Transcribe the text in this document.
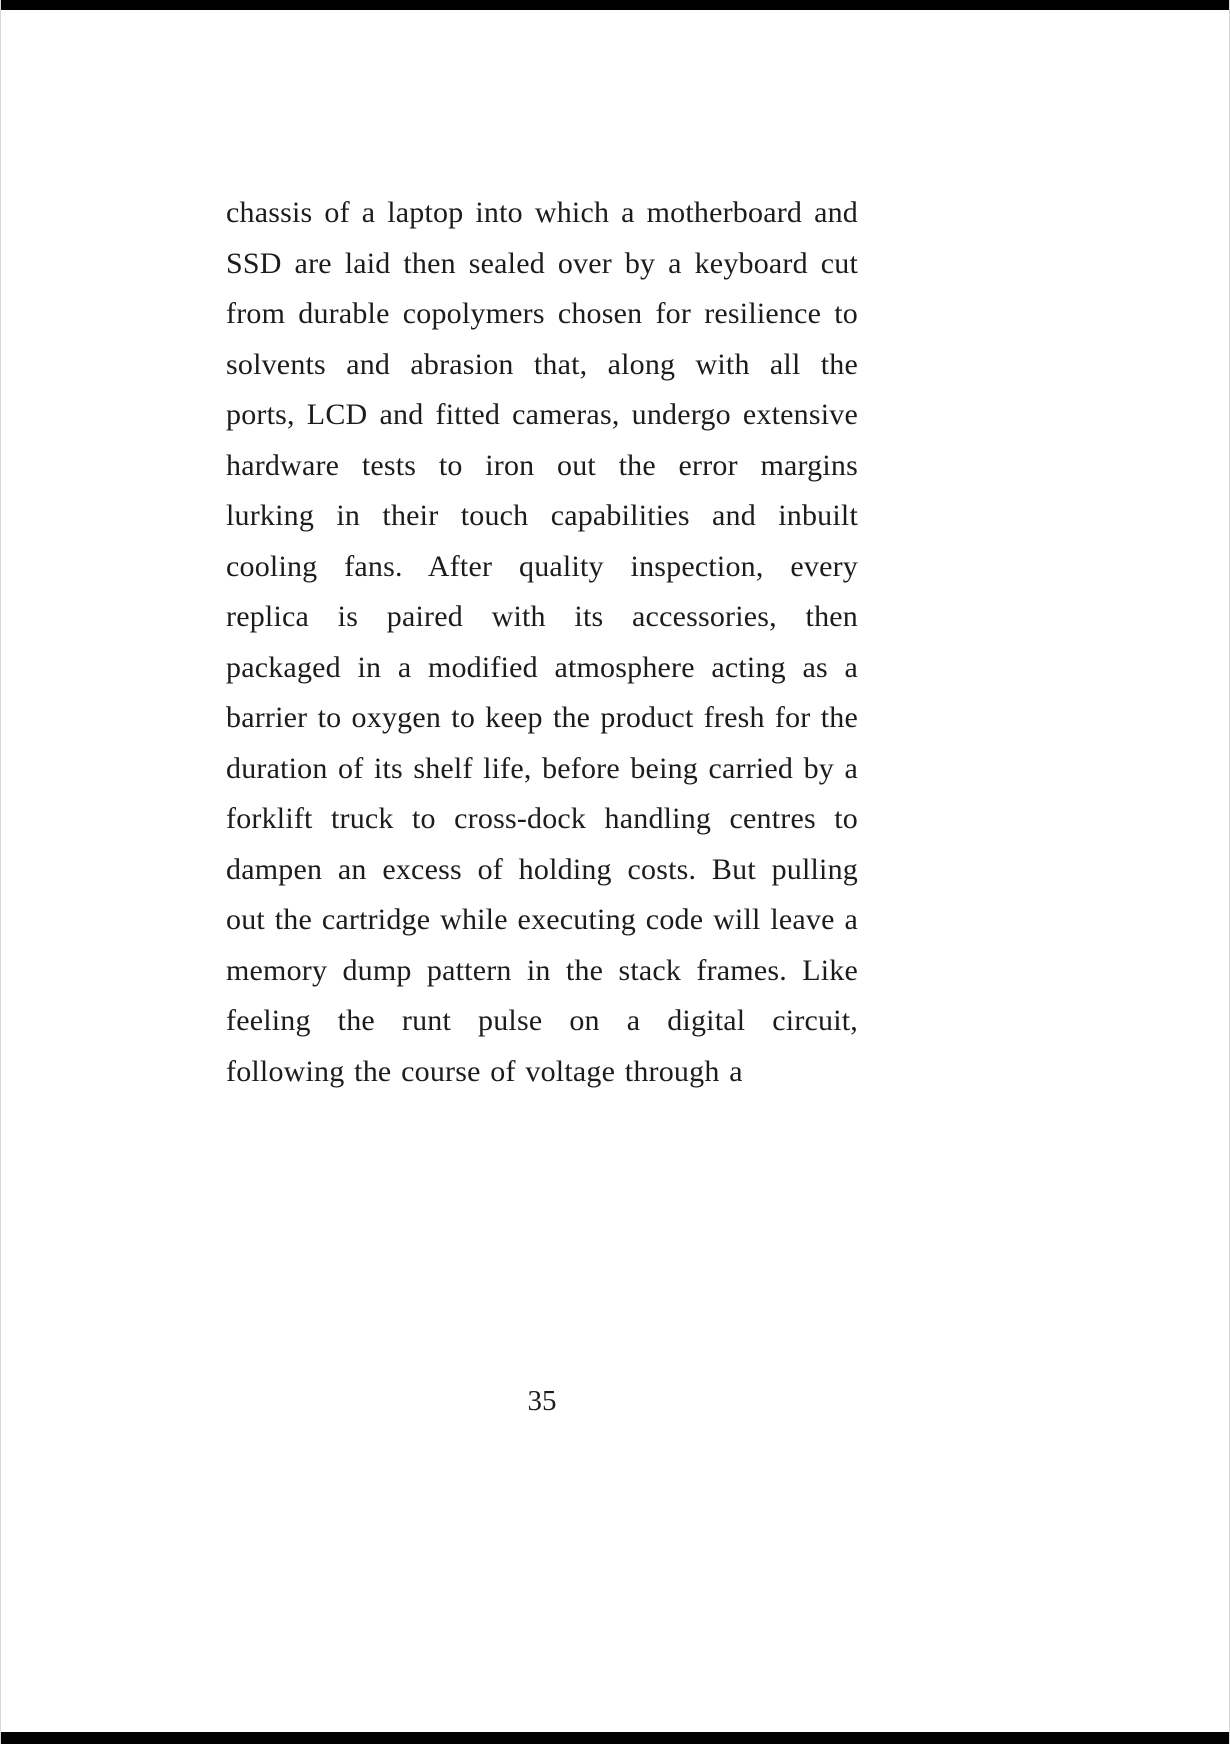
chassis of a laptop into which a motherboard and SSD are laid then sealed over by a keyboard cut from durable copolymers chosen for resilience to solvents and abrasion that, along with all the ports, LCD and fitted cameras, undergo extensive hardware tests to iron out the error margins lurking in their touch capabilities and inbuilt cooling fans. After quality inspection, every replica is paired with its accessories, then packaged in a modified atmosphere acting as a barrier to oxygen to keep the product fresh for the duration of its shelf life, before being carried by a forklift truck to cross-dock handling centres to dampen an excess of holding costs. But pulling out the cartridge while executing code will leave a memory dump pattern in the stack frames. Like feeling the runt pulse on a digital circuit, following the course of voltage through a
35
